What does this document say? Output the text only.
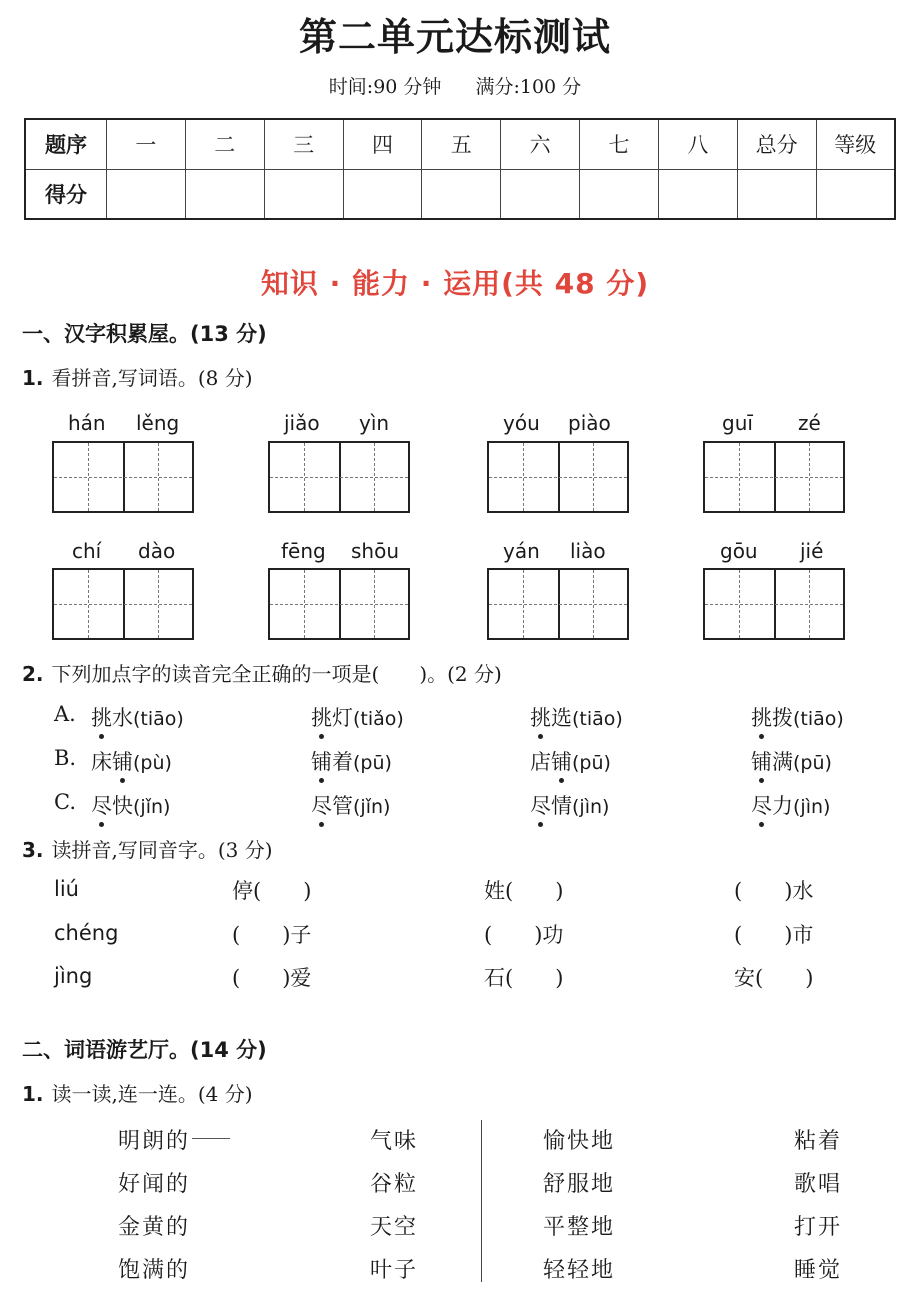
第二单元达标测试
时间:90 分钟 满分:100 分
题序	一	二	三	四	五	六	七	八	总分	等级
得分										
知识 · 能力 · 运用(共 48 分)
一、汉字积累屋。(13 分)
1. 看拼音,写词语。(8 分)
hán lěng	jiǎo yìn	yóu piào	guī zé
chí dào	fēng shōu	yán liào	gōu jié
2. 下列加点字的读音完全正确的一项是(　　)。(2 分)
A. 挑水(tiāo)	挑灯(tiǎo)	挑选(tiāo)	挑拨(tiāo)
B. 床铺(pù)	铺着(pū)	店铺(pū)	铺满(pū)
C. 尽快(jǐn)	尽管(jǐn)	尽情(jìn)	尽力(jìn)
3. 读拼音,写同音字。(3 分)
liú	停(　　)	姓(　　)	(　　)水
chéng	(　　)子	(　　)功	(　　)市
jìng	(　　)爱	石(　　)	安(　　)
二、词语游艺厅。(14 分)
1. 读一读,连一连。(4 分)
明朗的
好闻的
金黄的
饱满的
气味
谷粒
天空
叶子
愉快地
舒服地
平整地
轻轻地
粘着
歌唱
打开
睡觉
